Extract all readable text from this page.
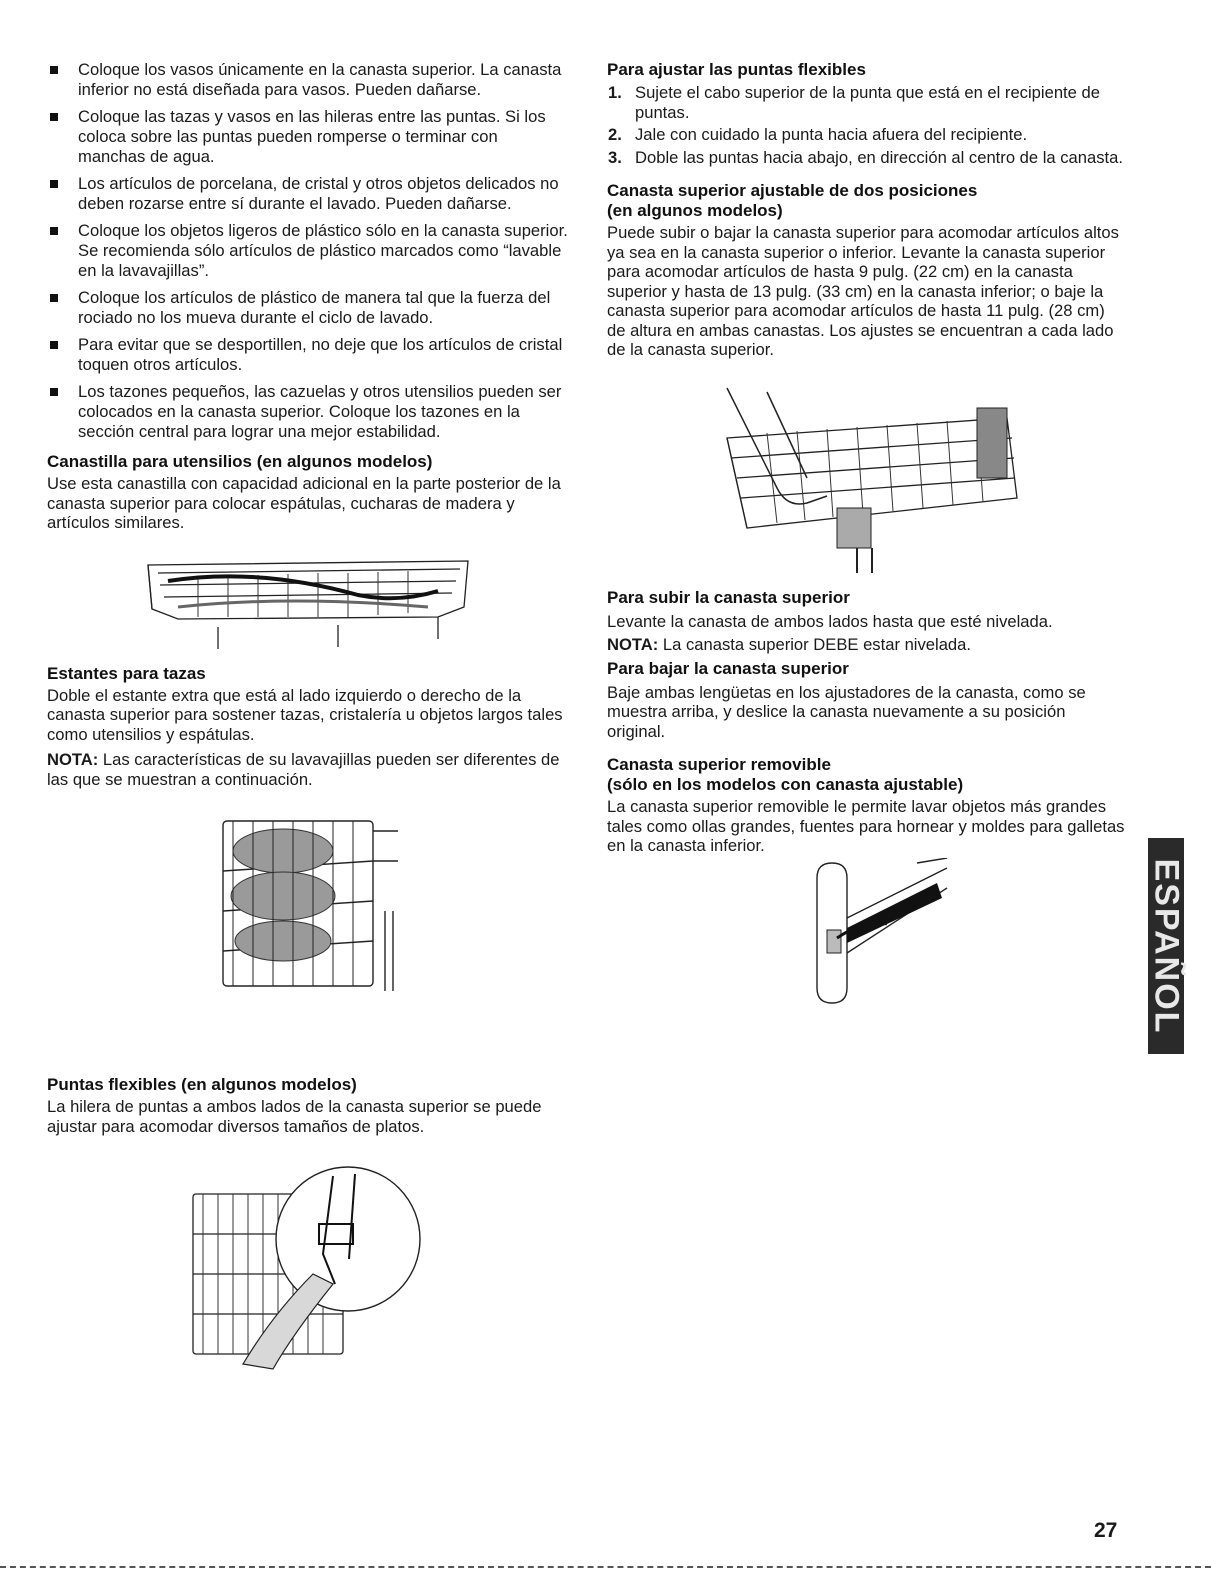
Coloque los vasos únicamente en la canasta superior. La canasta inferior no está diseñada para vasos. Pueden dañarse.
Coloque las tazas y vasos en las hileras entre las puntas. Si los coloca sobre las puntas pueden romperse o terminar con manchas de agua.
Los artículos de porcelana, de cristal y otros objetos delicados no deben rozarse entre sí durante el lavado. Pueden dañarse.
Coloque los objetos ligeros de plástico sólo en la canasta superior. Se recomienda sólo artículos de plástico marcados como “lavable en la lavavajillas”.
Coloque los artículos de plástico de manera tal que la fuerza del rociado no los mueva durante el ciclo de lavado.
Para evitar que se desportillen, no deje que los artículos de cristal toquen otros artículos.
Los tazones pequeños, las cazuelas y otros utensilios pueden ser colocados en la canasta superior. Coloque los tazones en la sección central para lograr una mejor estabilidad.
Canastilla para utensilios (en algunos modelos)

Use esta canastilla con capacidad adicional en la parte posterior de la canasta superior para colocar espátulas, cucharas de madera y artículos similares.

Estantes para tazas

Doble el estante extra que está al lado izquierdo o derecho de la canasta superior para sostener tazas, cristalería u objetos largos tales como utensilios y espátulas.

NOTA: Las características de su lavavajillas pueden ser diferentes de las que se muestran a continuación.

Puntas flexibles (en algunos modelos)

La hilera de puntas a ambos lados de la canasta superior se puede ajustar para acomodar diversos tamaños de platos.

Para ajustar las puntas flexibles
1. Sujete el cabo superior de la punta que está en el recipiente de puntas.
2. Jale con cuidado la punta hacia afuera del recipiente.
3. Doble las puntas hacia abajo, en dirección al centro de la canasta.
Canasta superior ajustable de dos posiciones
(en algunos modelos)

Puede subir o bajar la canasta superior para acomodar artículos altos ya sea en la canasta superior o inferior. Levante la canasta superior para acomodar artículos de hasta 9 pulg. (22 cm) en la canasta superior y hasta de 13 pulg. (33 cm) en la canasta inferior; o baje la canasta superior para acomodar artículos de hasta 11 pulg. (28 cm) de altura en ambas canastas. Los ajustes se encuentran a cada lado de la canasta superior.

Para subir la canasta superior

Levante la canasta de ambos lados hasta que esté nivelada.

NOTA: La canasta superior DEBE estar nivelada.

Para bajar la canasta superior

Baje ambas lengüetas en los ajustadores de la canasta, como se muestra arriba, y deslice la canasta nuevamente a su posición original.

Canasta superior removible
(sólo en los modelos con canasta ajustable)

La canasta superior removible le permite lavar objetos más grandes tales como ollas grandes, fuentes para hornear y moldes para galletas en la canasta inferior.

ESPAÑOL
27
